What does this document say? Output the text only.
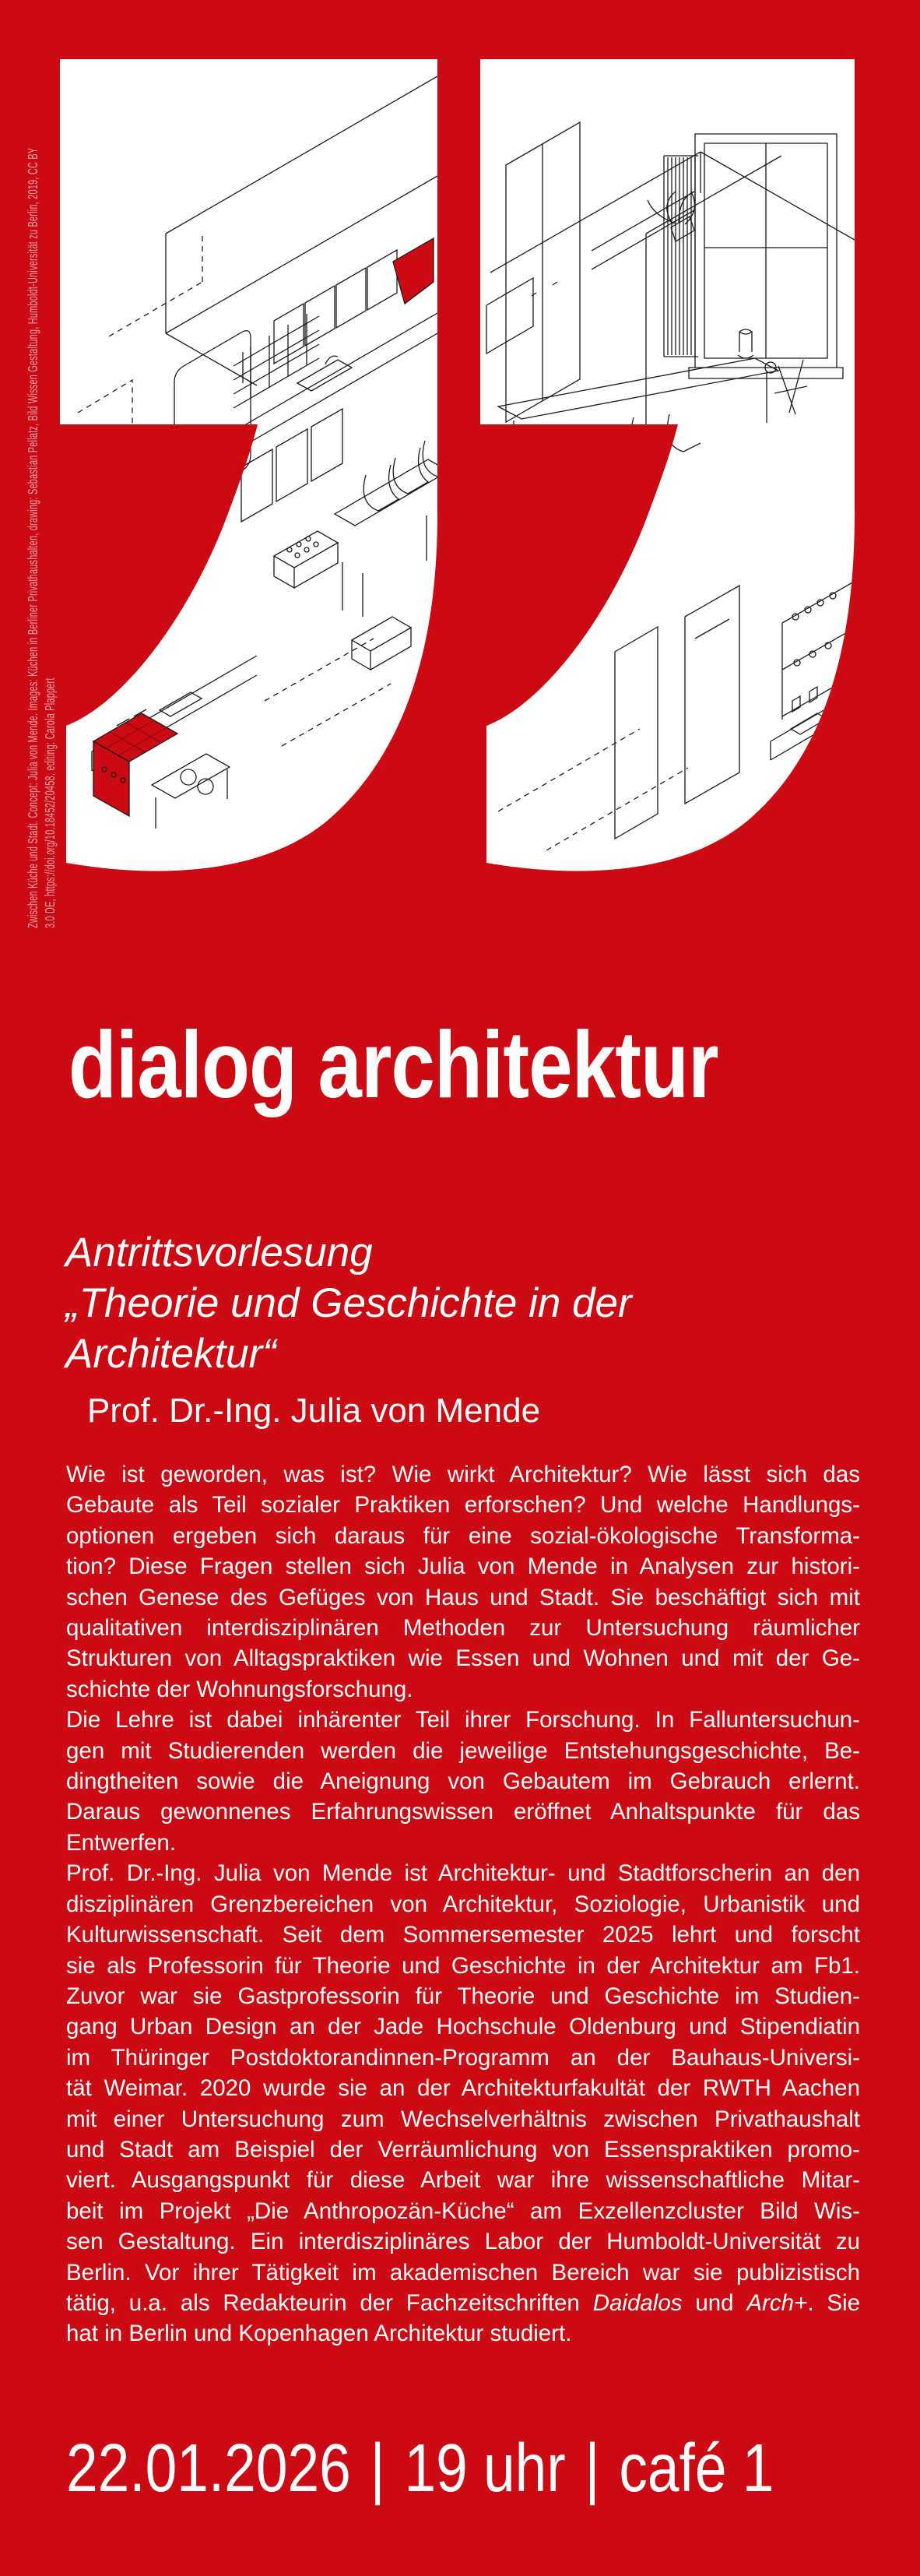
Zwischen Küche und Stadt. Concept: Julia von Mende. Images: Küchen in Berliner Privathaushalten, drawing: Sebastian Pellatz, Bild Wissen Gestaltung, Humboldt-Universität zu Berlin, 2019, CC BY 3.0 DE, https://doi.org/10.18452/20458. editing: Carola Plappert
dialog architektur
Antrittsvorlesung
„Theorie und Geschichte in der
Architektur“
Prof. Dr.-Ing. Julia von Mende
Wie ist geworden, was ist? Wie wirkt Architektur? Wie lässt sich das
Gebaute als Teil sozialer Praktiken erforschen? Und welche Handlungs-
optionen ergeben sich daraus für eine sozial-ökologische Transforma-
tion? Diese Fragen stellen sich Julia von Mende in Analysen zur histori-
schen Genese des Gefüges von Haus und Stadt. Sie beschäftigt sich mit
qualitativen interdisziplinären Methoden zur Untersuchung räumlicher
Strukturen von Alltagspraktiken wie Essen und Wohnen und mit der Ge-
schichte der Wohnungsforschung.
Die Lehre ist dabei inhärenter Teil ihrer Forschung. In Falluntersuchun-
gen mit Studierenden werden die jeweilige Entstehungsgeschichte, Be-
dingtheiten sowie die Aneignung von Gebautem im Gebrauch erlernt.
Daraus gewonnenes Erfahrungswissen eröffnet Anhaltspunkte für das
Entwerfen.
Prof. Dr.-Ing. Julia von Mende ist Architektur- und Stadtforscherin an den
disziplinären Grenzbereichen von Architektur, Soziologie, Urbanistik und
Kulturwissenschaft. Seit dem Sommersemester 2025 lehrt und forscht
sie als Professorin für Theorie und Geschichte in der Architektur am Fb1.
Zuvor war sie Gastprofessorin für Theorie und Geschichte im Studien-
gang Urban Design an der Jade Hochschule Oldenburg und Stipendiatin
im Thüringer Postdoktorandinnen-Programm an der Bauhaus-Universi-
tät Weimar. 2020 wurde sie an der Architekturfakultät der RWTH Aachen
mit einer Untersuchung zum Wechselverhältnis zwischen Privathaushalt
und Stadt am Beispiel der Verräumlichung von Essenspraktiken promo-
viert. Ausgangspunkt für diese Arbeit war ihre wissenschaftliche Mitar-
beit im Projekt „Die Anthropozän-Küche“ am Exzellenzcluster Bild Wis-
sen Gestaltung. Ein interdisziplinäres Labor der Humboldt-Universität zu
Berlin. Vor ihrer Tätigkeit im akademischen Bereich war sie publizistisch
tätig, u.a. als Redakteurin der Fachzeitschriften Daidalos und Arch+. Sie
hat in Berlin und Kopenhagen Architektur studiert.
22.01.2026 | 19 uhr | café 1
